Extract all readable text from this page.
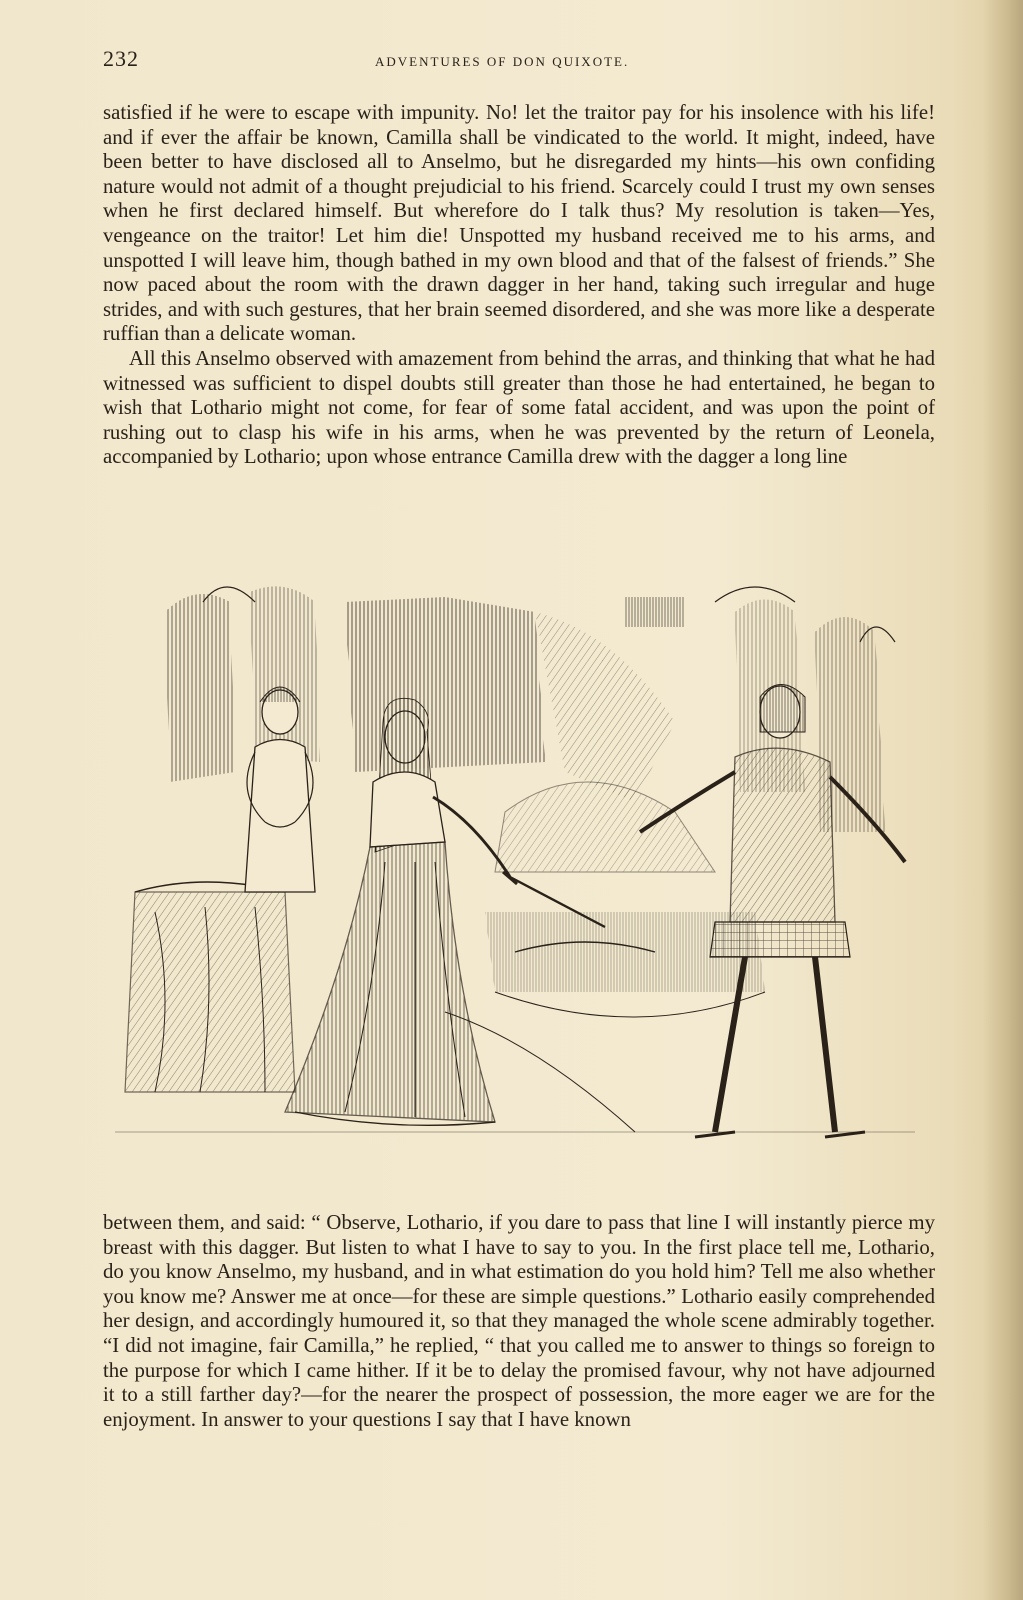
232	ADVENTURES OF DON QUIXOTE.

satisfied if he were to escape with impunity. No! let the traitor pay for his insolence with his life! and if ever the affair be known, Camilla shall be vindicated to the world. It might, indeed, have been better to have disclosed all to Anselmo, but he disregarded my hints—his own confiding nature would not admit of a thought prejudicial to his friend. Scarcely could I trust my own senses when he first declared himself. But wherefore do I talk thus? My resolution is taken—Yes, vengeance on the traitor! Let him die! Unspotted my husband received me to his arms, and unspotted I will leave him, though bathed in my own blood and that of the falsest of friends.” She now paced about the room with the drawn dagger in her hand, taking such irregular and huge strides, and with such gestures, that her brain seemed disordered, and she was more like a desperate ruffian than a delicate woman.

All this Anselmo observed with amazement from behind the arras, and thinking that what he had witnessed was sufficient to dispel doubts still greater than those he had entertained, he began to wish that Lothario might not come, for fear of some fatal accident, and was upon the point of rushing out to clasp his wife in his arms, when he was prevented by the return of Leonela, accompanied by Lothario; upon whose entrance Camilla drew with the dagger a long line

between them, and said: “ Observe, Lothario, if you dare to pass that line I will instantly pierce my breast with this dagger. But listen to what I have to say to you. In the first place tell me, Lothario, do you know Anselmo, my husband, and in what estimation do you hold him? Tell me also whether you know me? Answer me at once—for these are simple questions.” Lothario easily comprehended her design, and accordingly humoured it, so that they managed the whole scene admirably together. “I did not imagine, fair Camilla,” he replied, “ that you called me to answer to things so foreign to the purpose for which I came hither. If it be to delay the promised favour, why not have adjourned it to a still farther day?—for the nearer the prospect of possession, the more eager we are for the enjoyment. In answer to your questions I say that I have known
